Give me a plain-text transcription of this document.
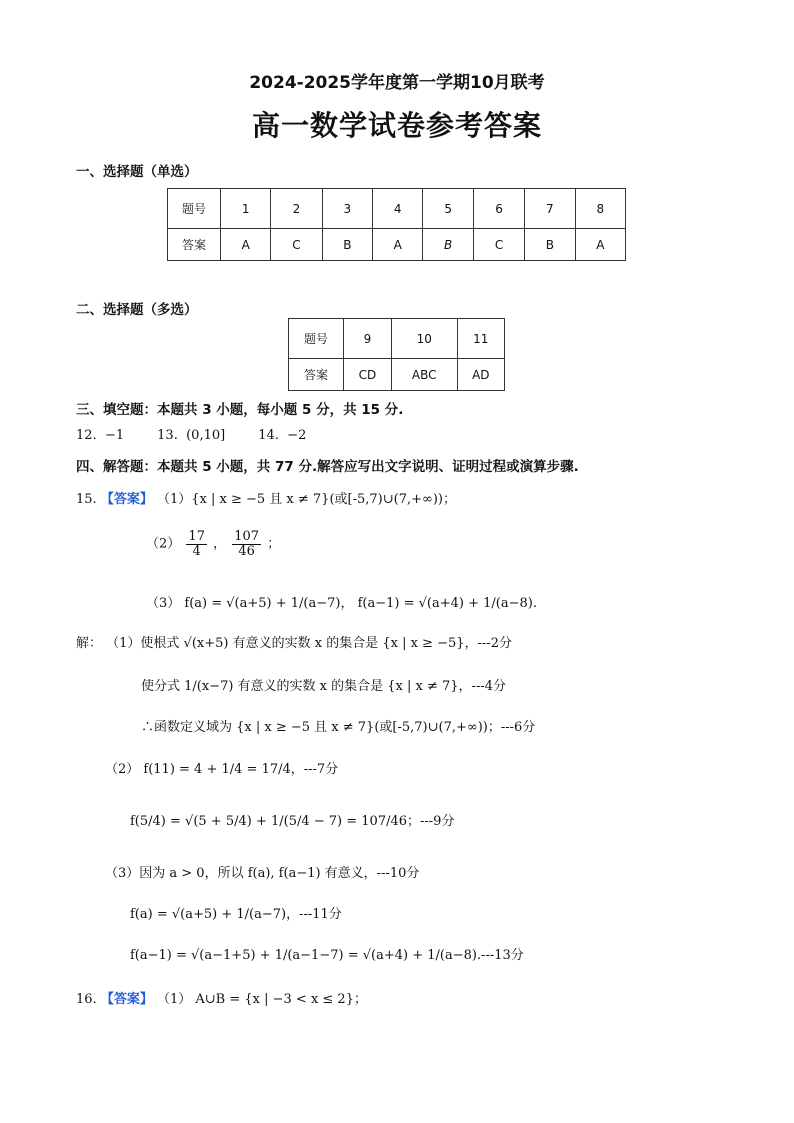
2024-2025学年度第一学期10月联考
高一数学试卷参考答案
一、选择题（单选）
题号	1	2	3	4	5	6	7	8
答案	A	C	B	A	B	C	B	A
二、选择题（多选）
题号	9	10	11
答案	CD	ABC	AD
三、填空题：本题共 3 小题，每小题 5 分，共 15 分.
12.  −1        13.  (0,10]        14.  −2
四、解答题：本题共 5 小题，共 77 分.解答应写出文字说明、证明过程或演算步骤.
15. 【答案】 （1）{x | x ≥ −5 且 x ≠ 7}(或[-5,7)∪(7,+∞))；
$(2) \frac{17}{4}$ ， $\frac{107}{46}$ ；
（3） f(a) = √(a+5) + 1/(a−7)， f(a−1) = √(a+4) + 1/(a−8).
解： （1）使根式 √(x+5) 有意义的实数 x 的集合是 {x | x ≥ −5}，---2分
使分式 1/(x−7) 有意义的实数 x 的集合是 {x | x ≠ 7}，---4分
∴函数定义域为 {x | x ≥ −5 且 x ≠ 7}(或[-5,7)∪(7,+∞))；---6分
（2） f(11) = 4 + 1/4 = 17/4，---7分
f(5/4) = √(5 + 5/4) + 1/(5/4 − 7) = 107/46；---9分
（3）因为 a > 0，所以 f(a), f(a−1) 有意义，---10分
f(a) = √(a+5) + 1/(a−7)，---11分
f(a−1) = √(a−1+5) + 1/(a−1−7) = √(a+4) + 1/(a−8).---13分
16. 【答案】 （1） A∪B = {x | −3 < x ≤ 2}；
